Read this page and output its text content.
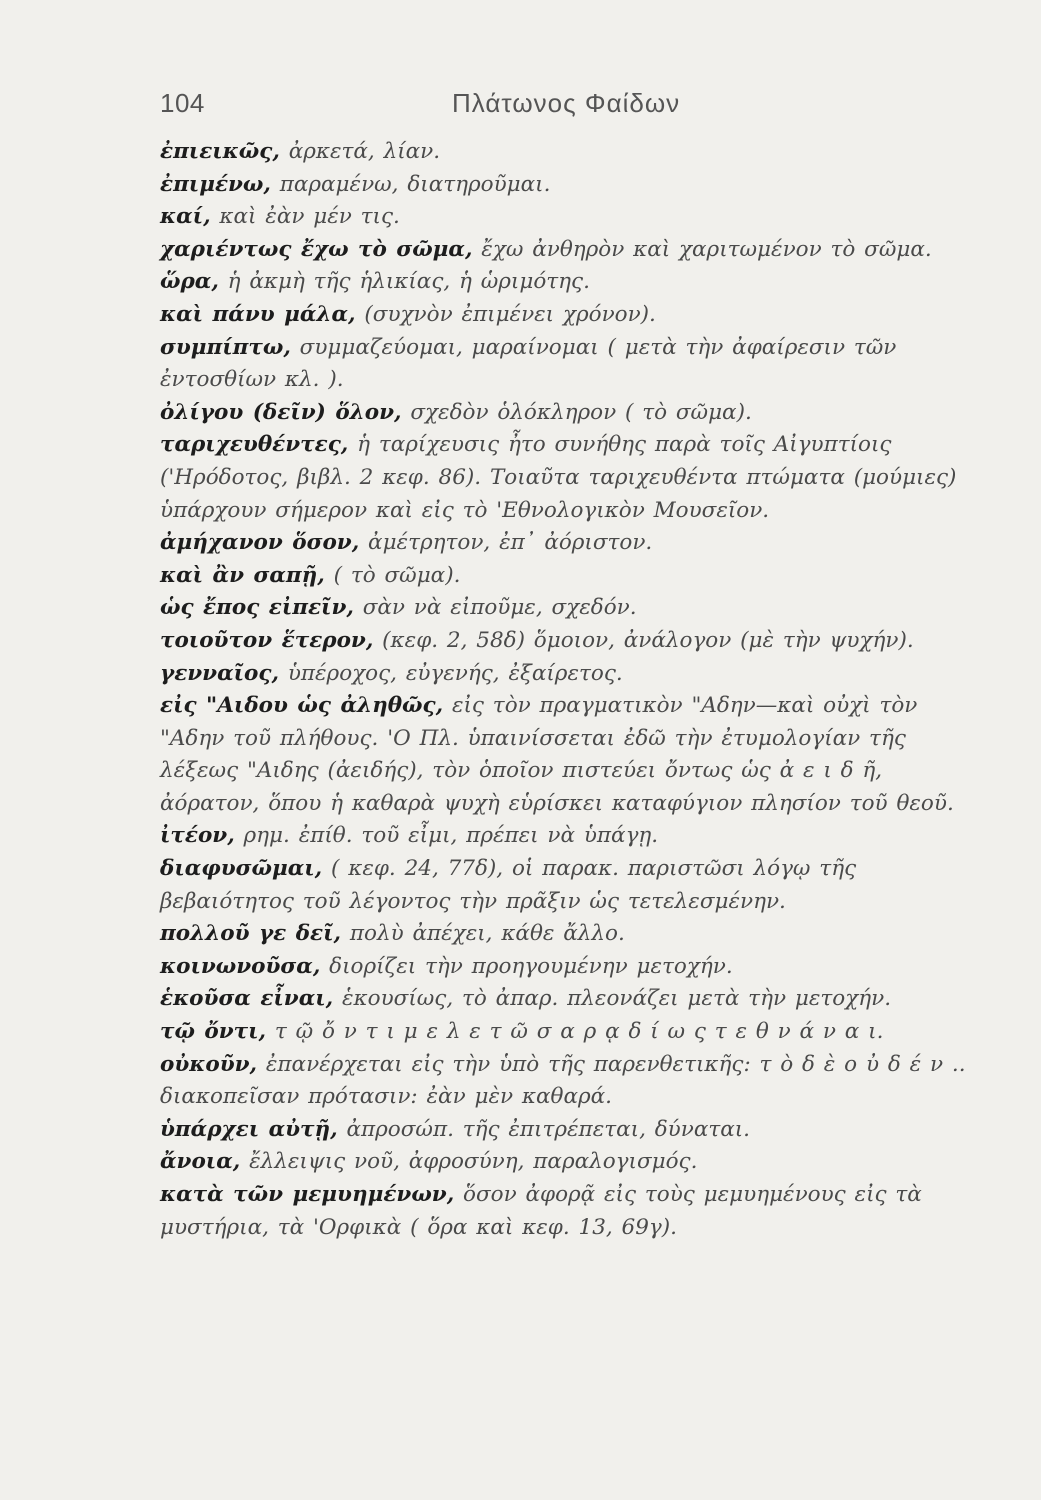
104	Πλάτωνος Φαίδων
ἐπιεικῶς, ἀρκετά, λίαν.
ἐπιμένω, παραμένω, διατηροῦμαι.
καί, καὶ ἐὰν μέν τις.
χαριέντως ἔχω τὸ σῶμα, ἔχω ἀνθηρὸν καὶ χαριτωμένον τὸ σῶμα.
ὥρα, ἡ ἀκμὴ τῆς ἡλικίας, ἡ ὡριμότης.
καὶ πάνυ μάλα, (συχνὸν ἐπιμένει χρόνον).
συμπίπτω, συμμαζεύομαι, μαραίνομαι ( μετὰ τὴν ἀφαίρεσιν τῶν ἐντοσθίων κλ. ).
ὀλίγου (δεῖν) ὅλον, σχεδὸν ὁλόκληρον ( τὸ σῶμα).
ταριχευθέντες, ἡ ταρίχευσις ἦτο συνήθης παρὰ τοῖς Αἰγυπτίοις ('Ηρόδοτος, βιβλ. 2 κεφ. 86). Τοιαῦτα ταριχευθέντα πτώματα (μούμιες) ὑπάρχουν σήμερον καὶ εἰς τὸ 'Εθνολογικὸν Μουσεῖον.
ἀμήχανον ὅσον, ἀμέτρητον, ἐπ᾽ ἀόριστον.
καὶ ἂν σαπῇ, ( τὸ σῶμα).
ὡς ἔπος εἰπεῖν, σὰν νὰ εἰποῦμε, σχεδόν.
τοιοῦτον ἕτερον, (κεφ. 2, 58δ) ὅμοιον, ἀνάλογον (μὲ τὴν ψυχήν).
γενναῖος, ὑπέροχος, εὐγενής, ἐξαίρετος.
εἰς "Αιδου ὡς ἀληθῶς, εἰς τὸν πραγματικὸν "Αδην—καὶ οὐχὶ τὸν "Αδην τοῦ πλήθους. 'Ο Πλ. ὑπαινίσσεται ἐδῶ τὴν ἐτυμολογίαν τῆς λέξεως "Αιδης (ἀειδής), τὸν ὁποῖον πιστεύει ὄντως ὡς ἀ ε ι δ ῆ, ἀόρατον, ὅπου ἡ καθαρὰ ψυχὴ εὑρίσκει καταφύγιον πλησίον τοῦ θεοῦ.
ἰτέον, ρημ. ἐπίθ. τοῦ εἶμι, πρέπει νὰ ὑπάγῃ.
διαφυσῶμαι, ( κεφ. 24, 77δ), οἱ παρακ. παριστῶσι λόγῳ τῆς βεβαιότητος τοῦ λέγοντος τὴν πρᾶξιν ὡς τετελεσμένην.
πολλοῦ γε δεῖ, πολὺ ἀπέχει, κάθε ἄλλο.
κοινωνοῦσα, διορίζει τὴν προηγουμένην μετοχήν.
ἑκοῦσα εἶναι, ἑκουσίως, τὸ ἀπαρ. πλεονάζει μετὰ τὴν μετοχήν.
τῷ ὄντι, τ ῷ ὄ ν τ ι μ ε λ ε τ ῶ σ α ρ ᾳ δ ί ω ς τ ε θ ν ά ν α ι.
οὐκοῦν, ἐπανέρχεται εἰς τὴν ὑπὸ τῆς παρενθετικῆς: τ ὸ δ ὲ ο ὐ δ έ ν .. διακοπεῖσαν πρότασιν: ἐὰν μὲν καθαρά.
ὑπάρχει αὐτῇ, ἀπροσώπ. τῆς ἐπιτρέπεται, δύναται.
ἄνοια, ἔλλειψις νοῦ, ἀφροσύνη, παραλογισμός.
κατὰ τῶν μεμυημένων, ὅσον ἀφορᾷ εἰς τοὺς μεμυημένους εἰς τὰ μυστήρια, τὰ 'Ορφικὰ ( ὅρα καὶ κεφ. 13, 69γ).
